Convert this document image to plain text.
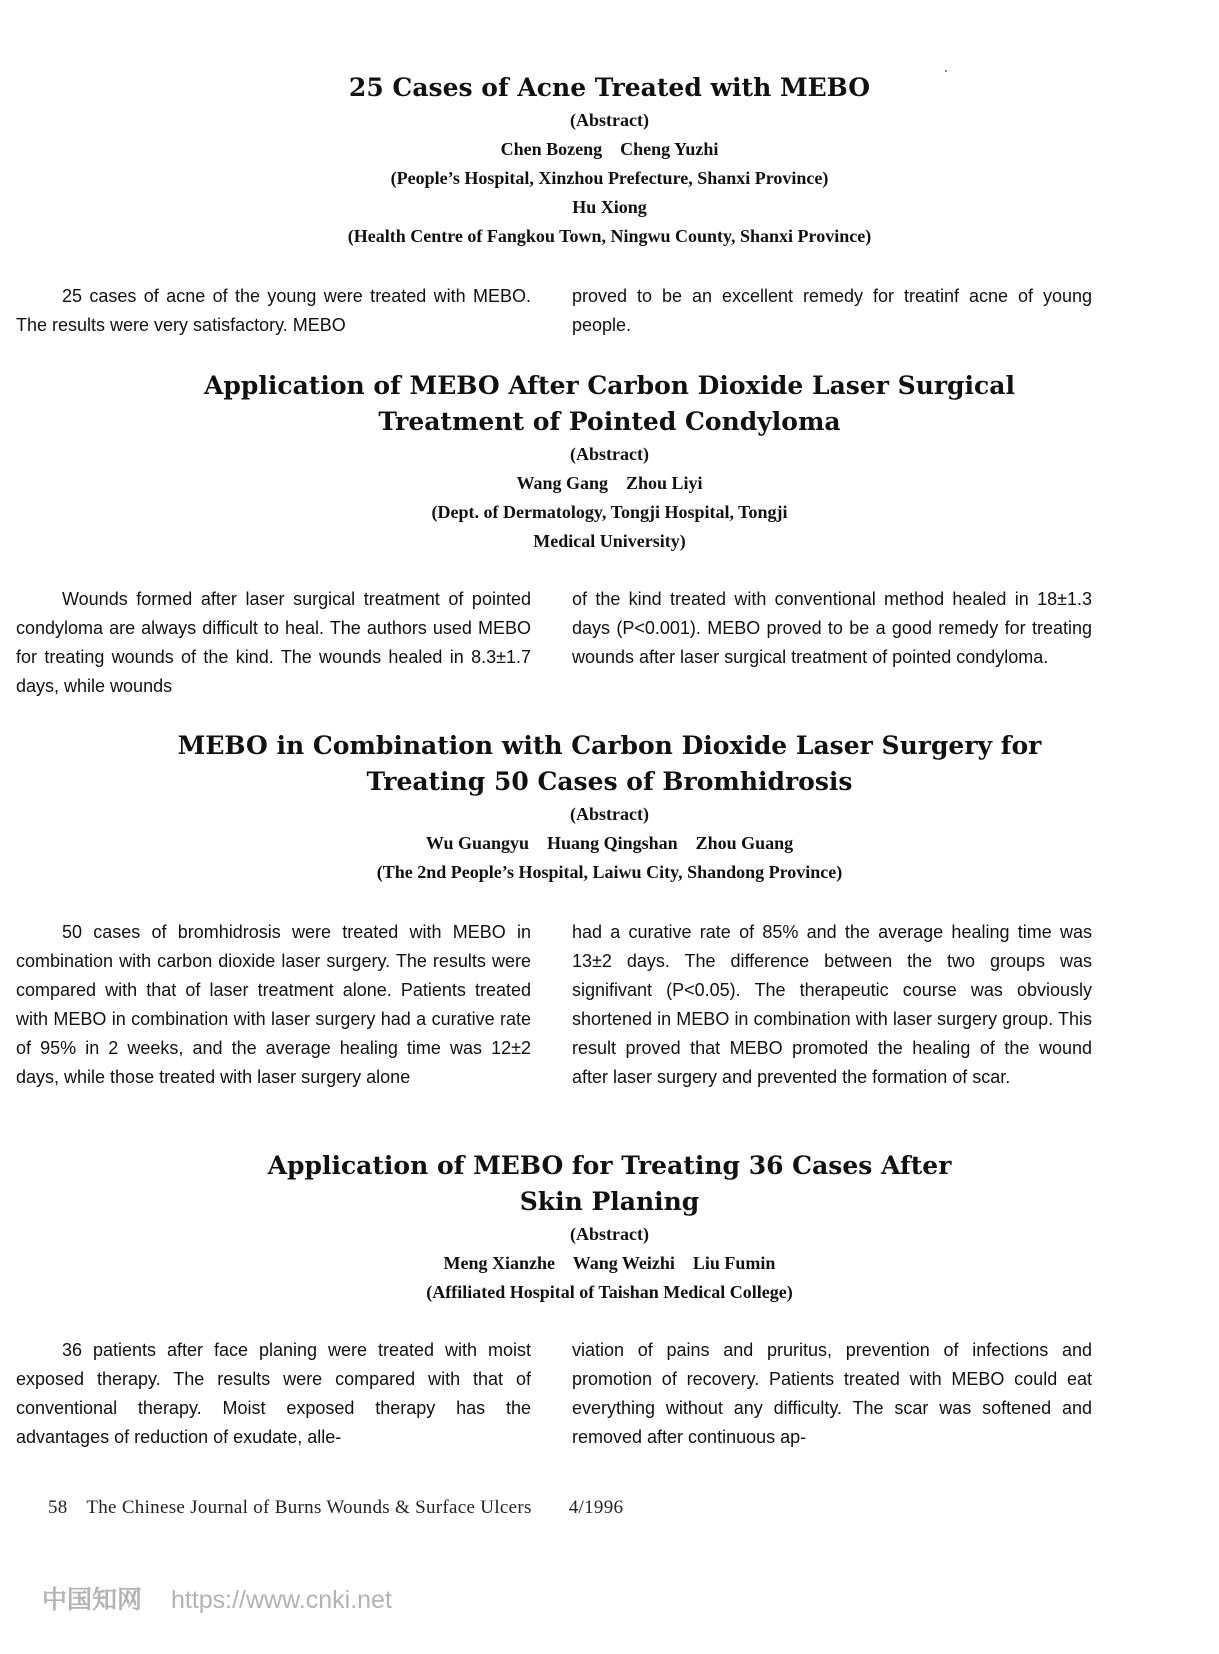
25 Cases of Acne Treated with MEBO
(Abstract)
Chen Bozeng    Cheng Yuzhi
(People’s Hospital, Xinzhou Prefecture, Shanxi Province)
Hu Xiong
(Health Centre of Fangkou Town, Ningwu County, Shanxi Province)

25 cases of acne of the young were treated with MEBO. The results were very satisfactory. MEBO

proved to be an excellent remedy for treatinf acne of young people.

Application of MEBO After Carbon Dioxide Laser Surgical
Treatment of Pointed Condyloma
(Abstract)
Wang Gang    Zhou Liyi
(Dept. of Dermatology, Tongji Hospital, Tongji
Medical University)

Wounds formed after laser surgical treatment of pointed condyloma are always difficult to heal. The authors used MEBO for treating wounds of the kind. The wounds healed in 8.3±1.7 days, while wounds

of the kind treated with conventional method healed in 18±1.3 days (P<0.001). MEBO proved to be a good remedy for treating wounds after laser surgical treatment of pointed condyloma.

MEBO in Combination with Carbon Dioxide Laser Surgery for
Treating 50 Cases of Bromhidrosis
(Abstract)
Wu Guangyu    Huang Qingshan    Zhou Guang
(The 2nd People’s Hospital, Laiwu City, Shandong Province)

50 cases of bromhidrosis were treated with MEBO in combination with carbon dioxide laser surgery. The results were compared with that of laser treatment alone. Patients treated with MEBO in combination with laser surgery had a curative rate of 95% in 2 weeks, and the average healing time was 12±2 days, while those treated with laser surgery alone

had a curative rate of 85% and the average healing time was 13±2 days. The difference between the two groups was signifivant (P<0.05). The therapeutic course was obviously shortened in MEBO in combination with laser surgery group. This result proved that MEBO promoted the healing of the wound after laser surgery and prevented the formation of scar.

Application of MEBO for Treating 36 Cases After
Skin Planing
(Abstract)
Meng Xianzhe    Wang Weizhi    Liu Fumin
(Affiliated Hospital of Taishan Medical College)

36 patients after face planing were treated with moist exposed therapy. The results were compared with that of conventional therapy. Moist exposed therapy has the advantages of reduction of exudate, alle-

viation of pains and pruritus, prevention of infections and promotion of recovery. Patients treated with MEBO could eat everything without any difficulty. The scar was softened and removed after continuous ap-

58 The Chinese Journal of Burns Wounds & Surface Ulcers 4/1996
中国知网 https://www.cnki.net
